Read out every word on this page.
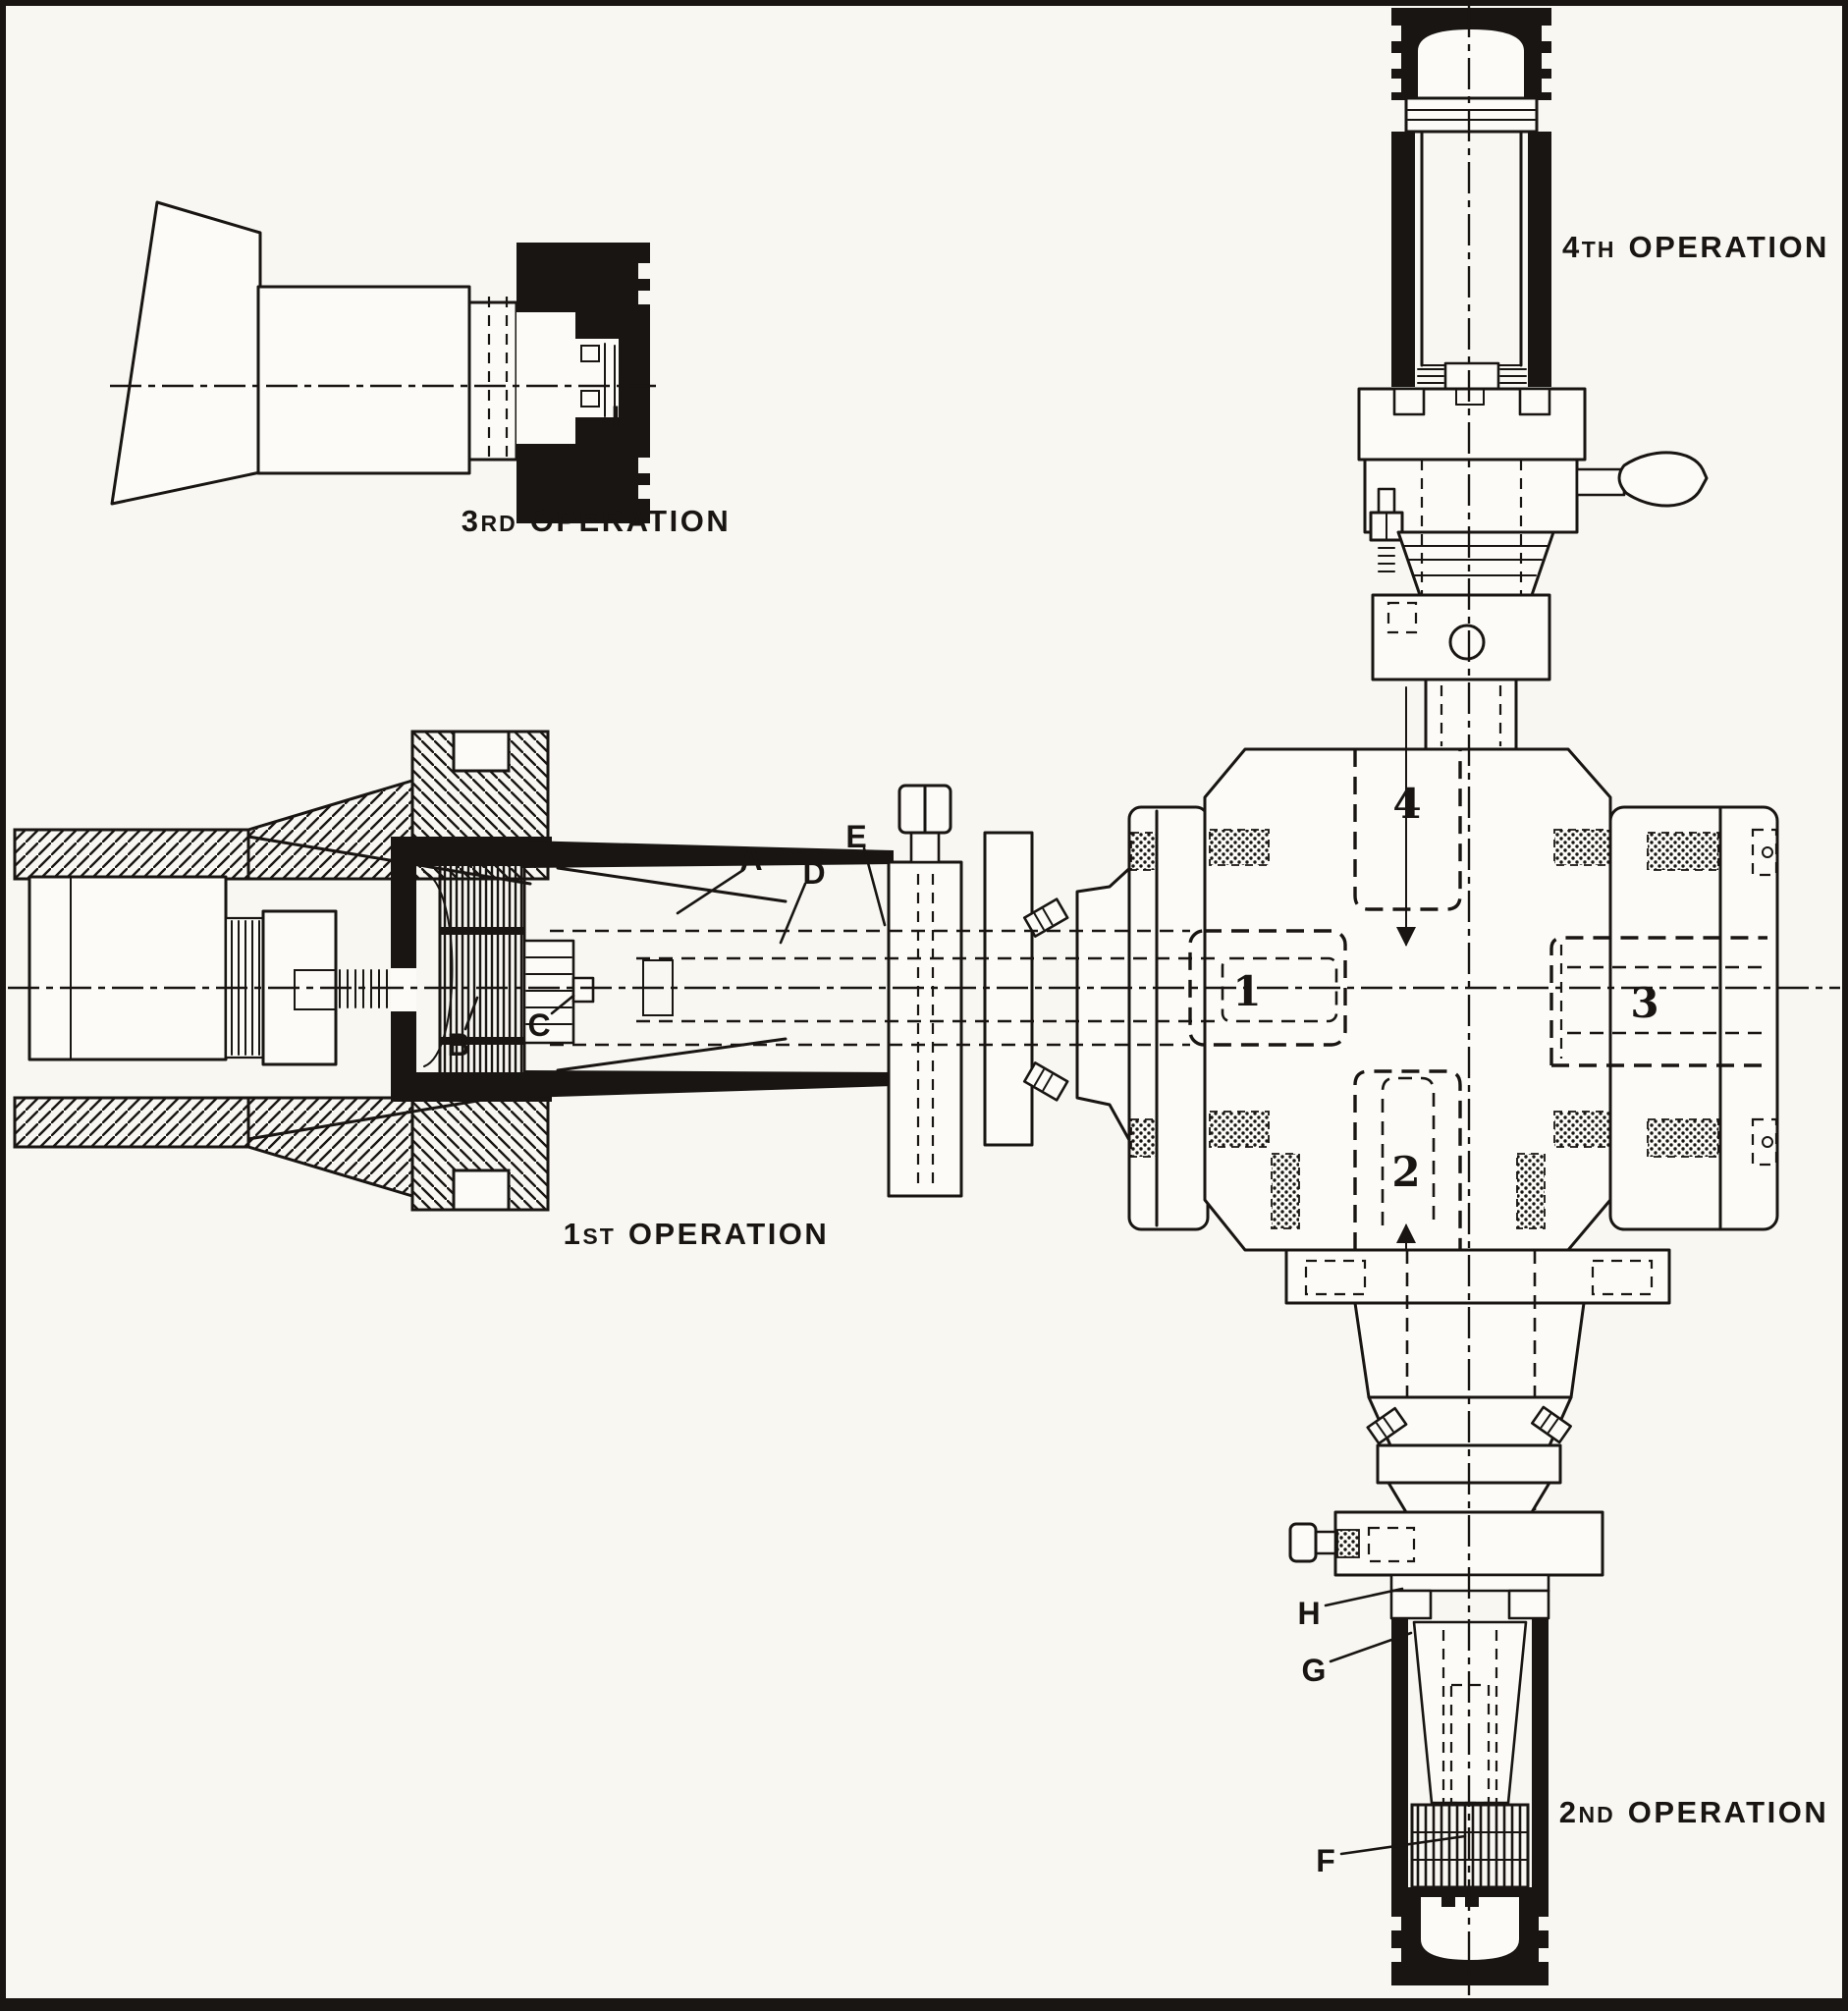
I
3RD OPERATION
A
B
C
D
E
1ST OPERATION
4
1	3
2
4TH OPERATION
H
G
F
2ND OPERATION
